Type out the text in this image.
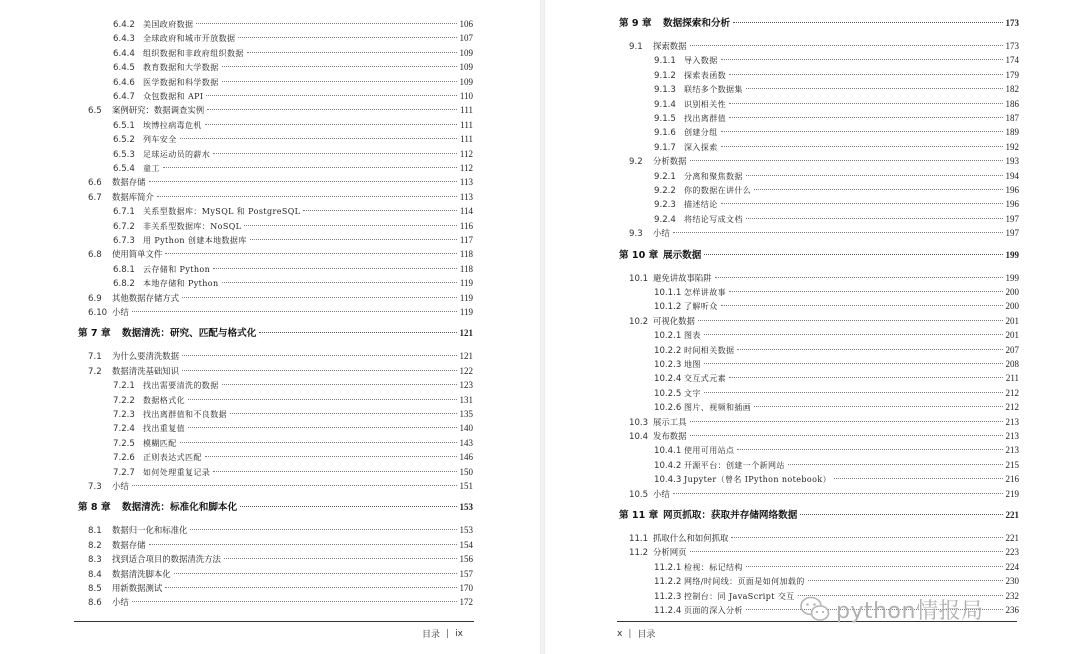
6.4.2	美国政府数据	106
6.4.3	全球政府和城市开放数据	107
6.4.4	组织数据和非政府组织数据	109
6.4.5	教育数据和大学数据	109
6.4.6	医学数据和科学数据	109
6.4.7	众包数据和 API	110
6.5	案例研究：数据调查实例	111
6.5.1	埃博拉病毒危机	111
6.5.2	列车安全	111
6.5.3	足球运动员的薪水	112
6.5.4	童工	112
6.6	数据存储	113
6.7	数据库简介	113
6.7.1	关系型数据库：MySQL 和 PostgreSQL	114
6.7.2	非关系型数据库：NoSQL	116
6.7.3	用 Python 创建本地数据库	117
6.8	使用简单文件	118
6.8.1	云存储和 Python	118
6.8.2	本地存储和 Python	119
6.9	其他数据存储方式	119
6.10 小结	119
第 7 章	数据清洗：研究、匹配与格式化	121
7.1	为什么要清洗数据	121
7.2	数据清洗基础知识	122
7.2.1	找出需要清洗的数据	123
7.2.2	数据格式化	131
7.2.3	找出离群值和不良数据	135
7.2.4	找出重复值	140
7.2.5	模糊匹配	143
7.2.6	正则表达式匹配	146
7.2.7	如何处理重复记录	150
7.3	小结	151
第 8 章	数据清洗：标准化和脚本化	153
8.1	数据归一化和标准化	153
8.2	数据存储	154
8.3	找到适合项目的数据清洗方法	156
8.4	数据清洗脚本化	157
8.5	用新数据测试	170
8.6	小结	172
第 9 章	数据探索和分析	173
9.1	探索数据	173
9.1.1	导入数据	174
9.1.2	探索表函数	179
9.1.3	联结多个数据集	182
9.1.4	识别相关性	186
9.1.5	找出离群值	187
9.1.6	创建分组	189
9.1.7	深入探索	192
9.2	分析数据	193
9.2.1	分离和聚焦数据	194
9.2.2	你的数据在讲什么	196
9.2.3	描述结论	196
9.2.4	将结论写成文档	197
9.3	小结	197
第 10 章 展示数据	199
10.1 避免讲故事陷阱	199
10.1.1 怎样讲故事	200
10.1.2 了解听众	200
10.2 可视化数据	201
10.2.1 图表	201
10.2.2 时间相关数据	207
10.2.3 地图	208
10.2.4 交互式元素	211
10.2.5 文字	212
10.2.6 图片、视频和插画	212
10.3 展示工具	213
10.4 发布数据	213
10.4.1 使用可用站点	213
10.4.2 开源平台：创建一个新网站	215
10.4.3 Jupyter（曾名 IPython notebook）	216
10.5 小结	219
第 11 章 网页抓取：获取并存储网络数据	221
11.1 抓取什么和如何抓取	221
11.2 分析网页	223
11.2.1 检视：标记结构	224
11.2.2 网络/时间线：页面是如何加载的	230
11.2.3 控制台：同 JavaScript 交互	232
11.2.4 页面的深入分析	236
目录 | ix	x | 目录
python情报局
